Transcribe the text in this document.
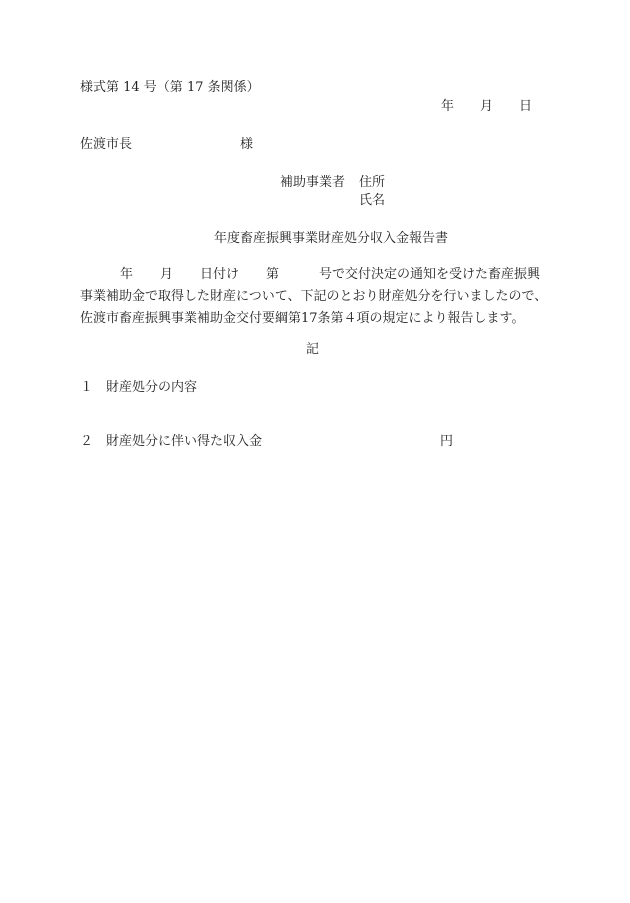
様式第 14 号（第 17 条関係）
年 月 日
佐渡市長	様
補助事業者 住所
氏名
年度畜産振興事業財産処分収入金報告書
年 月 日付け 第	号で交付決定の通知を受けた畜産振興
事業補助金で取得した財産について、下記のとおり財産処分を行いましたので、
佐渡市畜産振興事業補助金交付要綱第17条第４項の規定により報告します。
記
１ 財産処分の内容
２ 財産処分に伴い得た収入金	円
